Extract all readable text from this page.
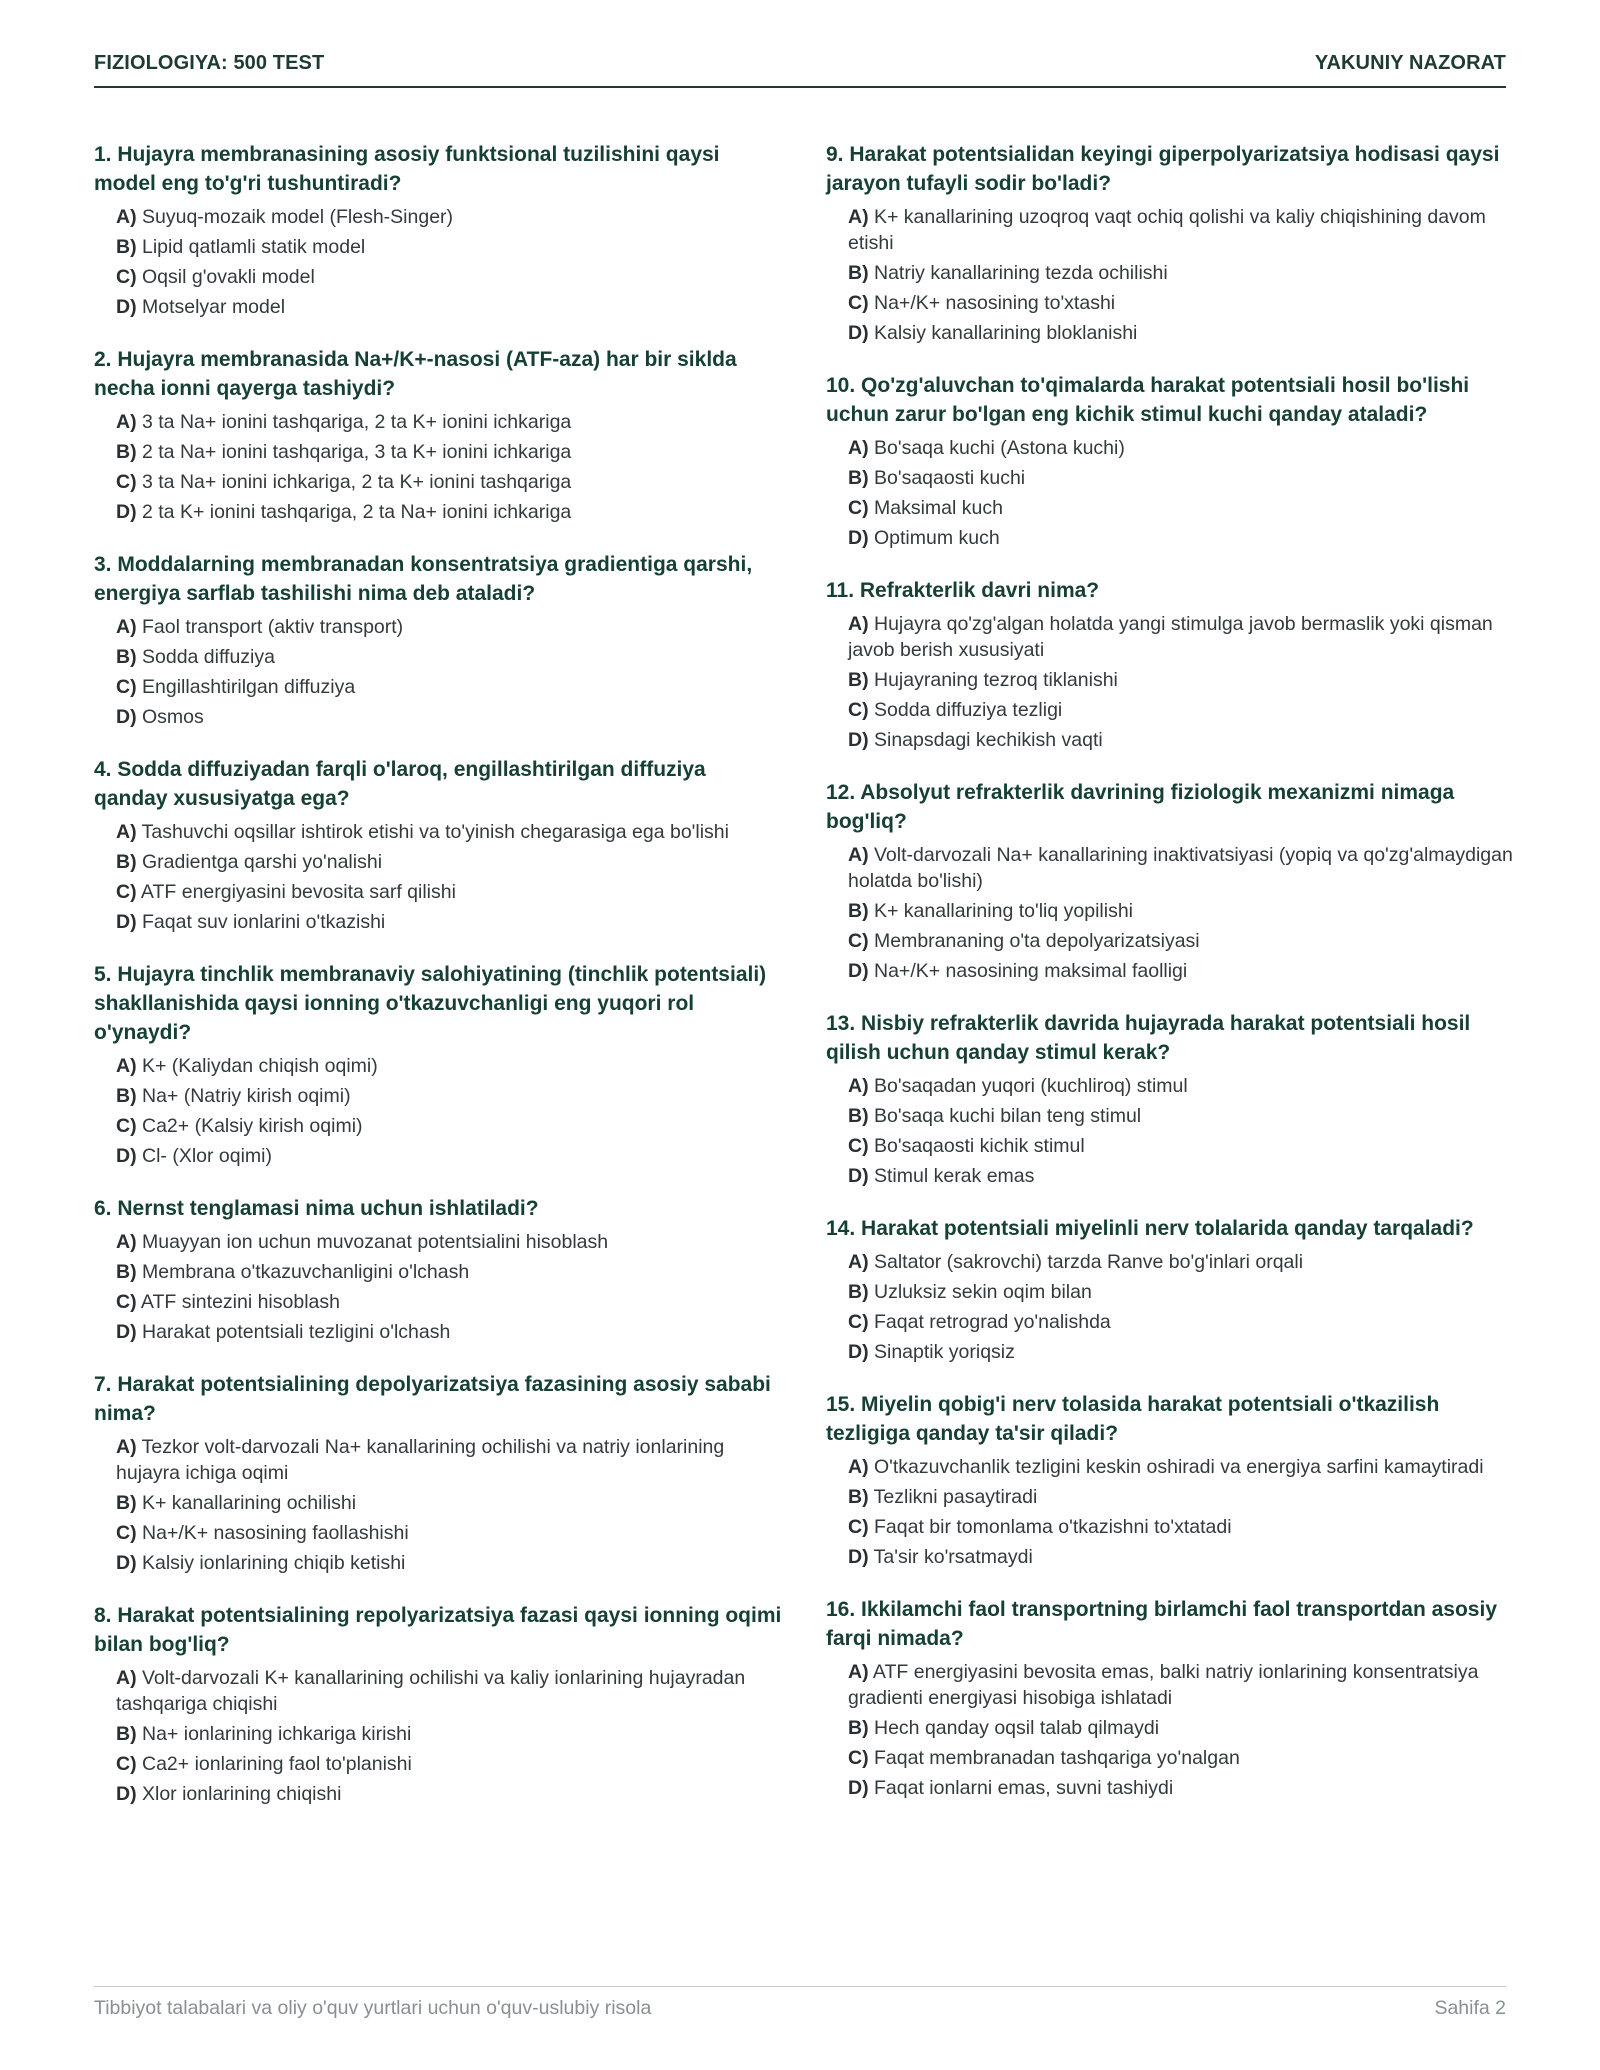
FIZIOLOGIYA: 500 TEST	YAKUNIY NAZORAT
1. Hujayra membranasining asosiy funktsional tuzilishini qaysi model eng to'g'ri tushuntiradi?
A) Suyuq-mozaik model (Flesh-Singer)
B) Lipid qatlamli statik model
C) Oqsil g'ovakli model
D) Motselyar model
2. Hujayra membranasida Na+/K+-nasosi (ATF-aza) har bir siklda necha ionni qayerga tashiydi?
A) 3 ta Na+ ionini tashqariga, 2 ta K+ ionini ichkariga
B) 2 ta Na+ ionini tashqariga, 3 ta K+ ionini ichkariga
C) 3 ta Na+ ionini ichkariga, 2 ta K+ ionini tashqariga
D) 2 ta K+ ionini tashqariga, 2 ta Na+ ionini ichkariga
3. Moddalarning membranadan konsentratsiya gradientiga qarshi, energiya sarflab tashilishi nima deb ataladi?
A) Faol transport (aktiv transport)
B) Sodda diffuziya
C) Engillashtirilgan diffuziya
D) Osmos
4. Sodda diffuziyadan farqli o'laroq, engillashtirilgan diffuziya qanday xususiyatga ega?
A) Tashuvchi oqsillar ishtirok etishi va to'yinish chegarasiga ega bo'lishi
B) Gradientga qarshi yo'nalishi
C) ATF energiyasini bevosita sarf qilishi
D) Faqat suv ionlarini o'tkazishi
5. Hujayra tinchlik membranaviy salohiyatining (tinchlik potentsiali) shakllanishida qaysi ionning o'tkazuvchanligi eng yuqori rol o'ynaydi?
A) K+ (Kaliydan chiqish oqimi)
B) Na+ (Natriy kirish oqimi)
C) Ca2+ (Kalsiy kirish oqimi)
D) Cl- (Xlor oqimi)
6. Nernst tenglamasi nima uchun ishlatiladi?
A) Muayyan ion uchun muvozanat potentsialini hisoblash
B) Membrana o'tkazuvchanligini o'lchash
C) ATF sintezini hisoblash
D) Harakat potentsiali tezligini o'lchash
7. Harakat potentsialining depolyarizatsiya fazasining asosiy sababi nima?
A) Tezkor volt-darvozali Na+ kanallarining ochilishi va natriy ionlarining hujayra ichiga oqimi
B) K+ kanallarining ochilishi
C) Na+/K+ nasosining faollashishi
D) Kalsiy ionlarining chiqib ketishi
8. Harakat potentsialining repolyarizatsiya fazasi qaysi ionning oqimi bilan bog'liq?
A) Volt-darvozali K+ kanallarining ochilishi va kaliy ionlarining hujayradan tashqariga chiqishi
B) Na+ ionlarining ichkariga kirishi
C) Ca2+ ionlarining faol to'planishi
D) Xlor ionlarining chiqishi
9. Harakat potentsialidan keyingi giperpolyarizatsiya hodisasi qaysi jarayon tufayli sodir bo'ladi?
A) K+ kanallarining uzoqroq vaqt ochiq qolishi va kaliy chiqishining davom etishi
B) Natriy kanallarining tezda ochilishi
C) Na+/K+ nasosining to'xtashi
D) Kalsiy kanallarining bloklanishi
10. Qo'zg'aluvchan to'qimalarda harakat potentsiali hosil bo'lishi uchun zarur bo'lgan eng kichik stimul kuchi qanday ataladi?
A) Bo'saqa kuchi (Astona kuchi)
B) Bo'saqaosti kuchi
C) Maksimal kuch
D) Optimum kuch
11. Refrakterlik davri nima?
A) Hujayra qo'zg'algan holatda yangi stimulga javob bermaslik yoki qisman javob berish xususiyati
B) Hujayraning tezroq tiklanishi
C) Sodda diffuziya tezligi
D) Sinapsdagi kechikish vaqti
12. Absolyut refrakterlik davrining fiziologik mexanizmi nimaga bog'liq?
A) Volt-darvozali Na+ kanallarining inaktivatsiyasi (yopiq va qo'zg'almaydigan holatda bo'lishi)
B) K+ kanallarining to'liq yopilishi
C) Membrananing o'ta depolyarizatsiyasi
D) Na+/K+ nasosining maksimal faolligi
13. Nisbiy refrakterlik davrida hujayrada harakat potentsiali hosil qilish uchun qanday stimul kerak?
A) Bo'saqadan yuqori (kuchliroq) stimul
B) Bo'saqa kuchi bilan teng stimul
C) Bo'saqaosti kichik stimul
D) Stimul kerak emas
14. Harakat potentsiali miyelinli nerv tolalarida qanday tarqaladi?
A) Saltator (sakrovchi) tarzda Ranve bo'g'inlari orqali
B) Uzluksiz sekin oqim bilan
C) Faqat retrograd yo'nalishda
D) Sinaptik yoriqsiz
15. Miyelin qobig'i nerv tolasida harakat potentsiali o'tkazilish tezligiga qanday ta'sir qiladi?
A) O'tkazuvchanlik tezligini keskin oshiradi va energiya sarfini kamaytiradi
B) Tezlikni pasaytiradi
C) Faqat bir tomonlama o'tkazishni to'xtatadi
D) Ta'sir ko'rsatmaydi
16. Ikkilamchi faol transportning birlamchi faol transportdan asosiy farqi nimada?
A) ATF energiyasini bevosita emas, balki natriy ionlarining konsentratsiya gradienti energiyasi hisobiga ishlatadi
B) Hech qanday oqsil talab qilmaydi
C) Faqat membranadan tashqariga yo'nalgan
D) Faqat ionlarni emas, suvni tashiydi
Tibbiyot talabalari va oliy o'quv yurtlari uchun o'quv-uslubiy risola	Sahifa 2
